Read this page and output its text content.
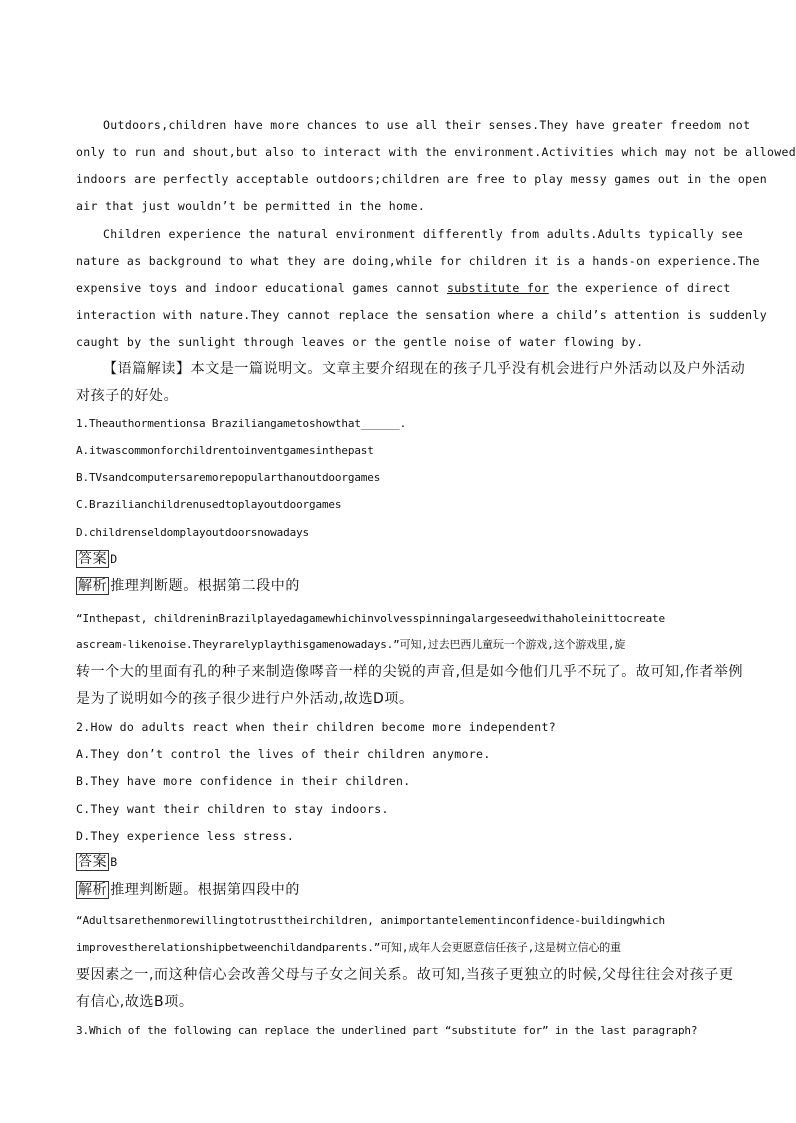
Outdoors,children have more chances to use all their senses.They have greater freedom not
only to run and shout,but also to interact with the environment.Activities which may not be allowed
indoors are perfectly acceptable outdoors;children are free to play messy games out in the open
air that just wouldn’t be permitted in the home.
Children experience the natural environment differently from adults.Adults typically see
nature as background to what they are doing,while for children it is a hands-on experience.The
expensive toys and indoor educational games cannot substitute for the experience of direct
interaction with nature.They cannot replace the sensation where a child’s attention is suddenly
caught by the sunlight through leaves or the gentle noise of water flowing by.
【语篇解读】本文是一篇说明文。文章主要介绍现在的孩子几乎没有机会进行户外活动以及户外活动
对孩子的好处。
1.Theauthormentionsa Braziliangametoshowthat______.
A.itwascommonforchildrentoinventgamesinthepast
B.TVsandcomputersaremorepopularthanoutdoorgames
C.Brazilianchildrenusedtoplayoutdoorgames
D.childrenseldomplayoutdoorsnowadays
答案 D
解析 推理判断题。根据第二段中的
“Inthepast, childreninBrazilplayedagamewhichinvolvesspinningalargeseedwithaholeinittocreate
ascream-likenoise.Theyrarelyplaythisgamenowadays.”可知,过去巴西儿童玩一个游戏,这个游戏里,旋
转一个大的里面有孔的种子来制造像噖音一样的尖锐的声音,但是如今他们几乎不玩了。故可知,作者举例
是为了说明如今的孩子很少进行户外活动,故选D项。
2.How do adults react when their children become more independent?
A.They don’t control the lives of their children anymore.
B.They have more confidence in their children.
C.They want their children to stay indoors.
D.They experience less stress.
答案 B
解析 推理判断题。根据第四段中的
“Adultsarethenmorewillingtotrusttheirchildren, animportantelementinconfidence-buildingwhich
improvestherelationshipbetweenchildandparents.”可知,成年人会更愿意信任孩子,这是树立信心的重
要因素之一,而这种信心会改善父母与子女之间关系。故可知,当孩子更独立的时候,父母往往会对孩子更
有信心,故选B项。
3.Which of the following can replace the underlined part “substitute for” in the last paragraph?
